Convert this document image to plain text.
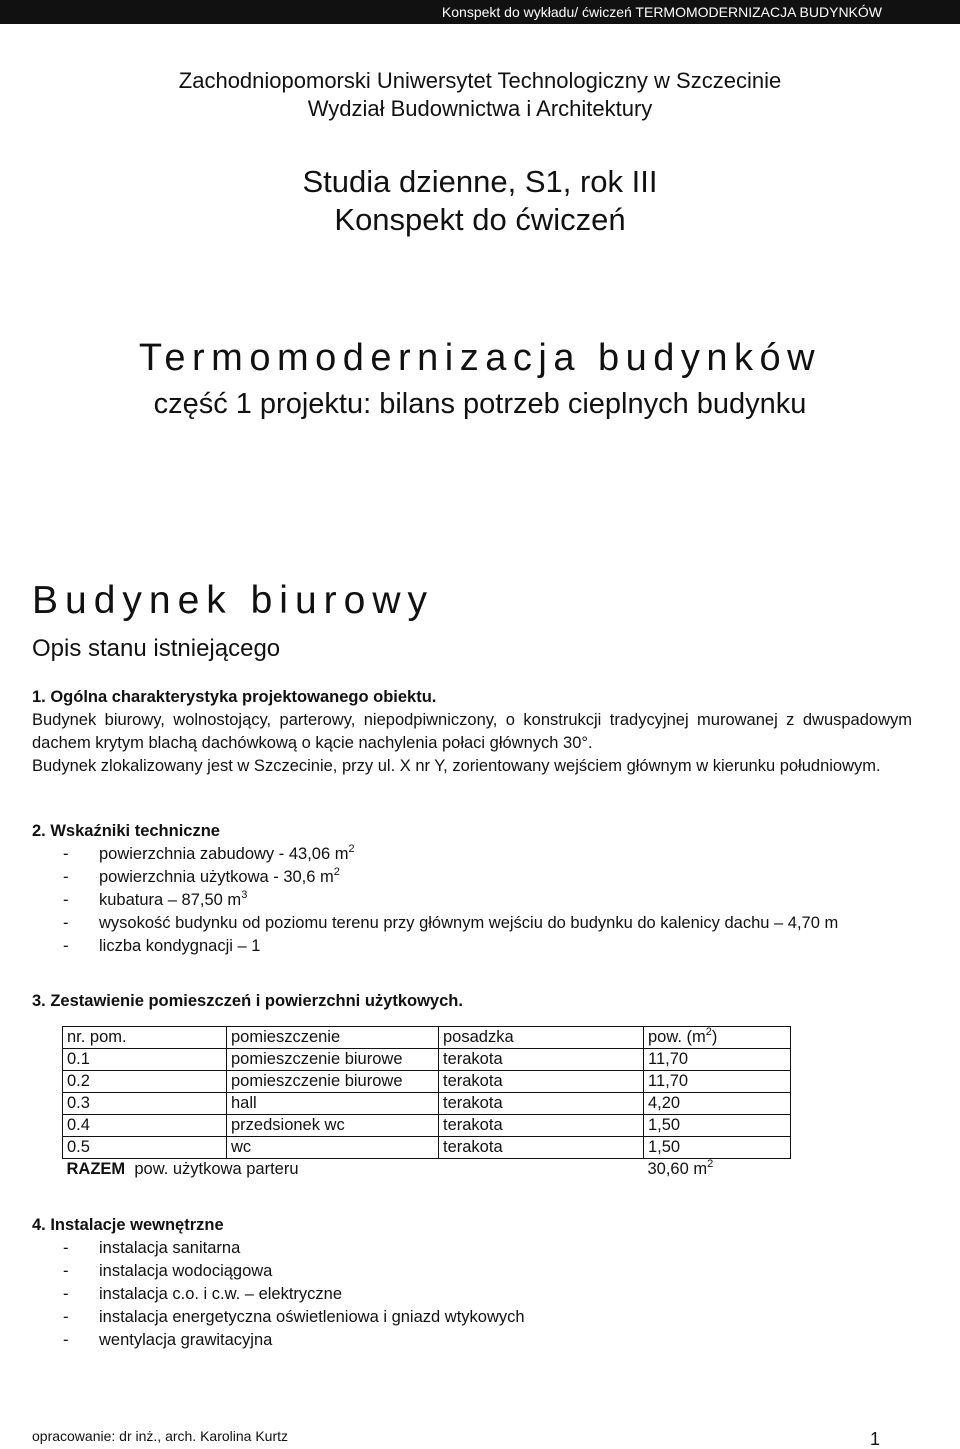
Konspekt do wykładu/ ćwiczeń TERMOMODERNIZACJA BUDYNKÓW
Zachodniopomorski Uniwersytet Technologiczny w Szczecinie
Wydział Budownictwa i Architektury
Studia dzienne, S1, rok III
Konspekt do ćwiczeń
Termomodernizacja budynków
część 1 projektu: bilans potrzeb cieplnych budynku
Budynek biurowy
Opis stanu istniejącego
1. Ogólna charakterystyka projektowanego obiektu.

Budynek biurowy, wolnostojący, parterowy, niepodpiwniczony, o konstrukcji tradycyjnej murowanej z dwuspadowym dachem krytym blachą dachówkową o kącie nachylenia połaci głównych 30°.

Budynek zlokalizowany jest w Szczecinie, przy ul. X nr Y, zorientowany wejściem głównym w kierunku południowym.

2. Wskaźniki techniczne
- powierzchnia zabudowy - 43,06 $m^2$
- powierzchnia użytkowa - 30,6 $m^2$
- kubatura – 87,50 $m^3$
- wysokość budynku od poziomu terenu przy głównym wejściu do budynku do kalenicy dachu – 4,70 m
- liczba kondygnacji – 1
3. Zestawienie pomieszczeń i powierzchni użytkowych.
nr. pom.	pomieszczenie	posadzka	pow. $(m^2)$
0.1	pomieszczenie biurowe	terakota	11,70
0.2	pomieszczenie biurowe	terakota	11,70
0.3	hall	terakota	4,20
0.4	przedsionek wc	terakota	1,50
0.5	wc	terakota	1,50
RAZEM pow. użytkowa parteru			30,60 $m^2$
4. Instalacje wewnętrzne
- instalacja sanitarna
- instalacja wodociągowa
- instalacja c.o. i c.w. – elektryczne
- instalacja energetyczna oświetleniowa i gniazd wtykowych
- wentylacja grawitacyjna
opracowanie: dr inż., arch. Karolina Kurtz	1
